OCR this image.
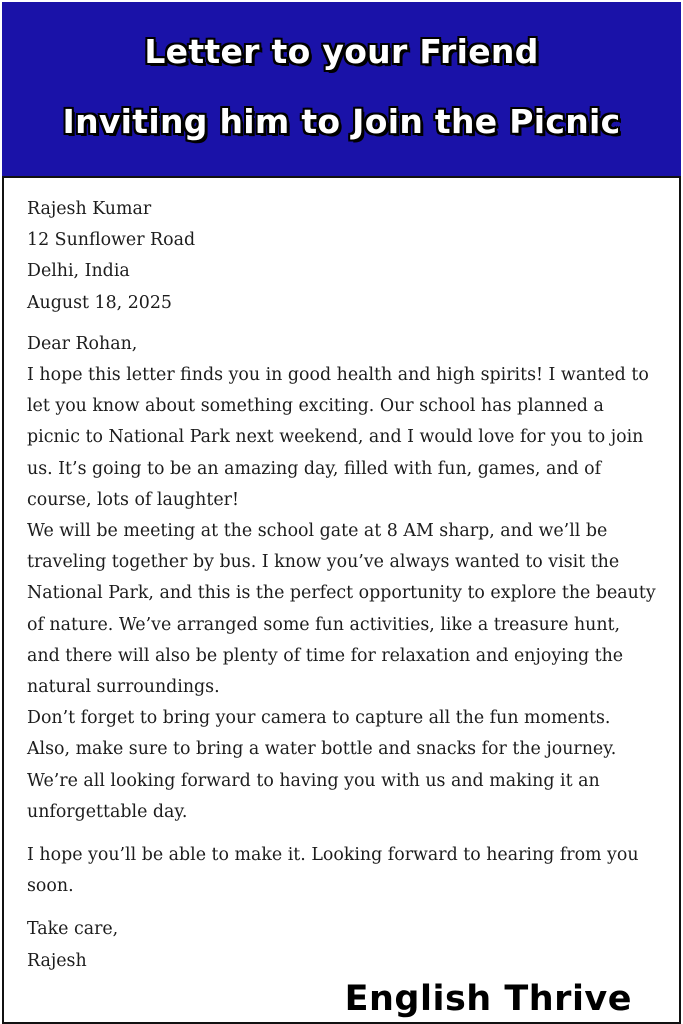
Letter to your Friend
Inviting him to Join the Picnic

Rajesh Kumar

12 Sunflower Road

Delhi, India

August 18, 2025

Dear Rohan,

I hope this letter finds you in good health and high spirits! I wanted to let you know about something exciting. Our school has planned a picnic to National Park next weekend, and I would love for you to join us. It’s going to be an amazing day, filled with fun, games, and of course, lots of laughter!

We will be meeting at the school gate at 8 AM sharp, and we’ll be traveling together by bus. I know you’ve always wanted to visit the National Park, and this is the perfect opportunity to explore the beauty of nature. We’ve arranged some fun activities, like a treasure hunt, and there will also be plenty of time for relaxation and enjoying the natural surroundings.

Don’t forget to bring your camera to capture all the fun moments. Also, make sure to bring a water bottle and snacks for the journey. We’re all looking forward to having you with us and making it an unforgettable day.

I hope you’ll be able to make it. Looking forward to hearing from you soon.

Take care,

Rajesh

English Thrive
